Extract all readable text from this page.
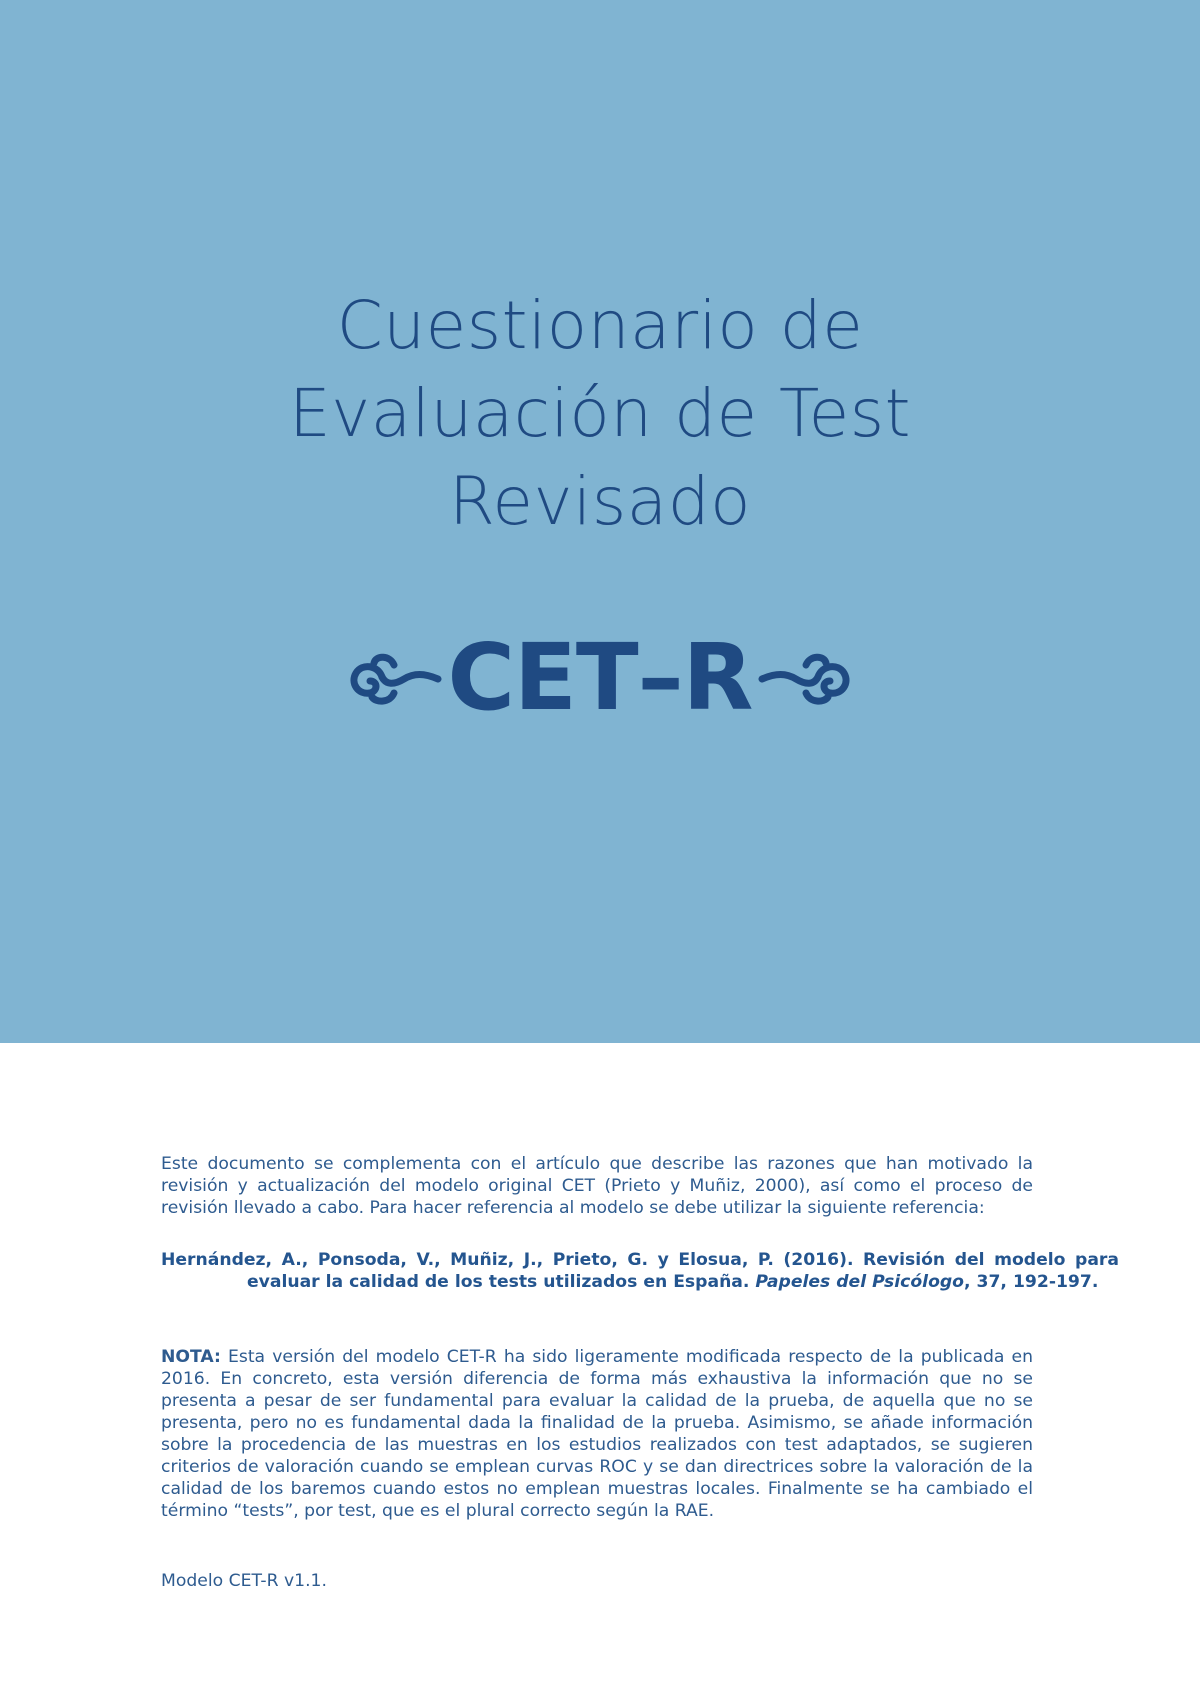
Cuestionario de
Evaluación de Test
Revisado
CET–R

Este documento se complementa con el artículo que describe las razones que han motivado la revisión y actualización del modelo original CET (Prieto y Muñiz, 2000), así como el proceso de revisión llevado a cabo. Para hacer referencia al modelo se debe utilizar la siguiente referencia:

Hernández, A., Ponsoda, V., Muñiz, J., Prieto, G. y Elosua, P. (2016). Revisión del modelo para evaluar la calidad de los tests utilizados en España. Papeles del Psicólogo, 37, 192-197.

NOTA: Esta versión del modelo CET-R ha sido ligeramente modificada respecto de la publicada en 2016. En concreto, esta versión diferencia de forma más exhaustiva la información que no se presenta a pesar de ser fundamental para evaluar la calidad de la prueba, de aquella que no se presenta, pero no es fundamental dada la finalidad de la prueba. Asimismo, se añade información sobre la procedencia de las muestras en los estudios realizados con test adaptados, se sugieren criterios de valoración cuando se emplean curvas ROC y se dan directrices sobre la valoración de la calidad de los baremos cuando estos no emplean muestras locales. Finalmente se ha cambiado el término “tests”, por test, que es el plural correcto según la RAE.

Modelo CET-R v1.1.
